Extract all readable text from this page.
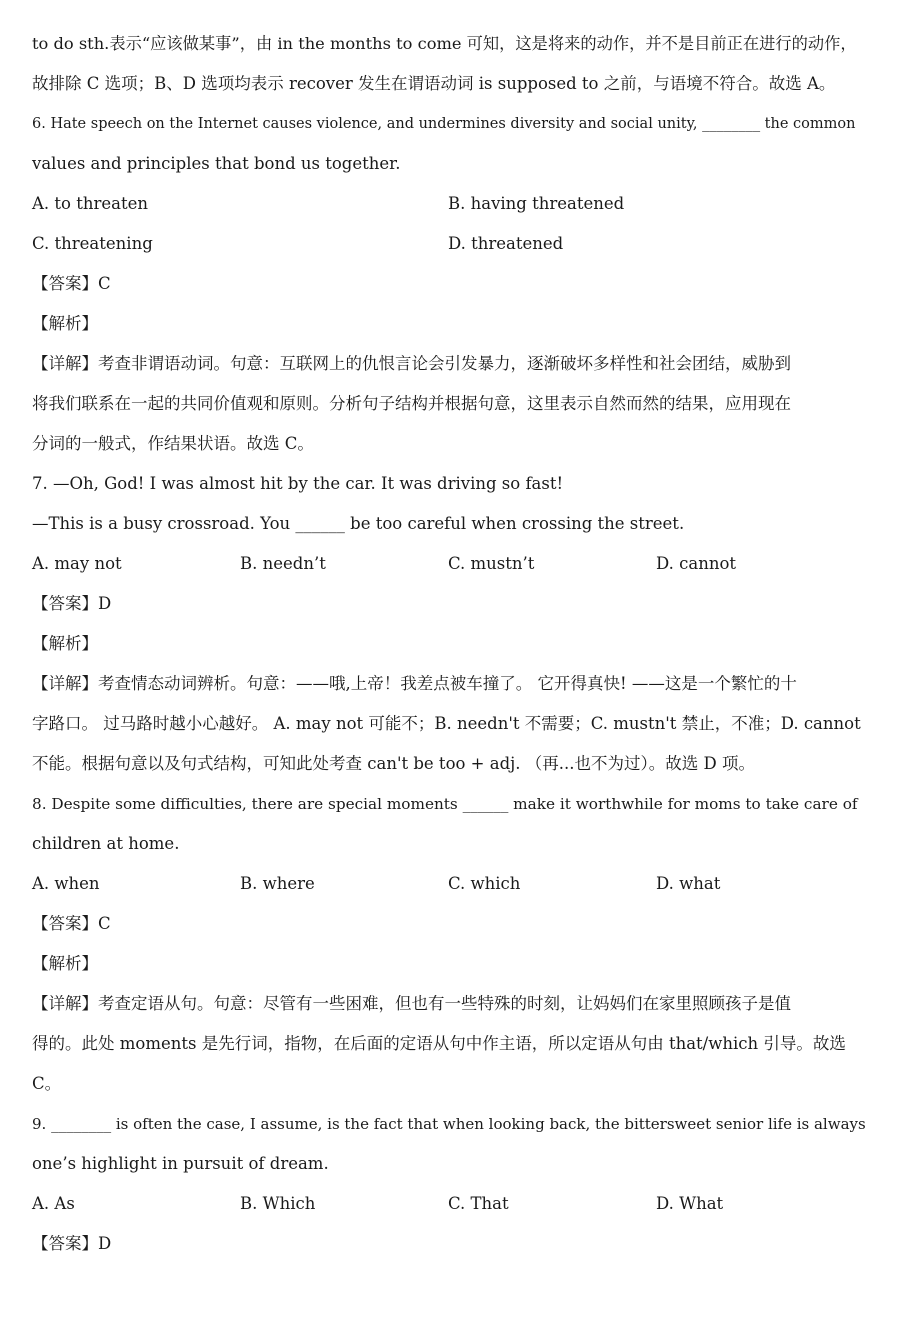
to do sth.表示“应该做某事”，由 in the months to come 可知，这是将来的动作，并不是目前正在进行的动作，
故排除 C 选项；B、D 选项均表示 recover 发生在谓语动词 is supposed to 之前，与语境不符合。故选 A。
6. Hate speech on the Internet causes violence, and undermines diversity and social unity, ________ the common
values and principles that bond us together.
A. to threaten	B. having threatened
C. threatening	D. threatened
【答案】C
【解析】
【详解】考查非谓语动词。句意：互联网上的仇恨言论会引发暴力，逐渐破坏多样性和社会团结，威胁到
将我们联系在一起的共同价值观和原则。分析句子结构并根据句意，这里表示自然而然的结果，应用现在
分词的一般式，作结果状语。故选 C。
7. —Oh, God! I was almost hit by the car. It was driving so fast!
—This is a busy crossroad. You ______ be too careful when crossing the street.
A. may not	B. needn’t	C. mustn’t	D. cannot
【答案】D
【解析】
【详解】考查情态动词辨析。句意：——哦,上帝！我差点被车撞了。 它开得真快! ——这是一个繁忙的十
字路口。 过马路时越小心越好。 A. may not 可能不；B. needn't 不需要；C. mustn't 禁止，不准；D. cannot
不能。根据句意以及句式结构，可知此处考查 can't be too + adj. （再...也不为过）。故选 D 项。
8. Despite some difficulties, there are special moments ______ make it worthwhile for moms to take care of
children at home.
A. when	B. where	C. which	D. what
【答案】C
【解析】
【详解】考查定语从句。句意：尽管有一些困难，但也有一些特殊的时刻，让妈妈们在家里照顾孩子是值
得的。此处 moments 是先行词，指物，在后面的定语从句中作主语，所以定语从句由 that/which 引导。故选
C。
9. ________ is often the case, I assume, is the fact that when looking back, the bittersweet senior life is always
one’s highlight in pursuit of dream.
A. As	B. Which	C. That	D. What
【答案】D
